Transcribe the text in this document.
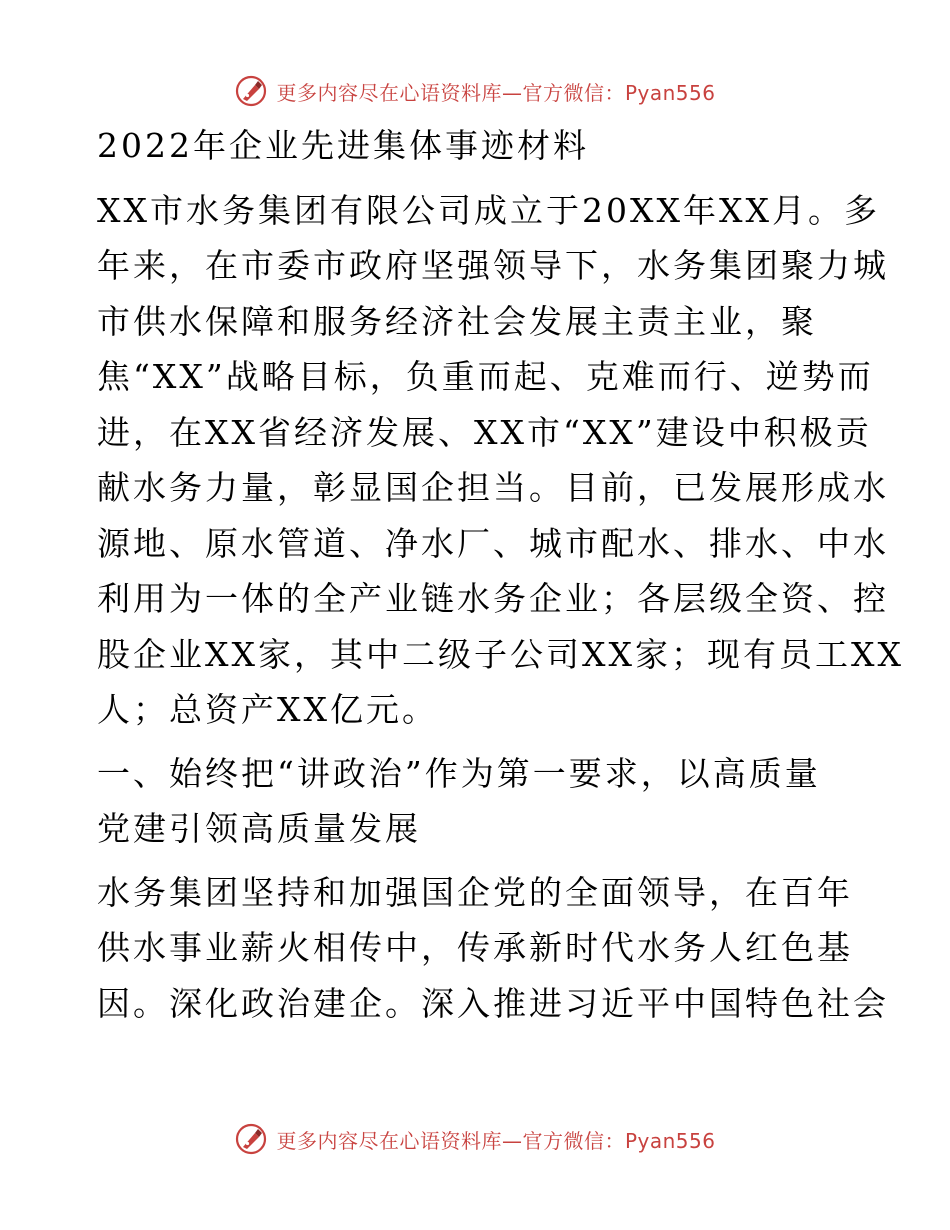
更多内容尽在心语资料库—官方微信：Pyan556
2022年企业先进集体事迹材料
XX市水务集团有限公司成立于20XX年XX月。多
年来，在市委市政府坚强领导下，水务集团聚力城
市供水保障和服务经济社会发展主责主业，聚
焦“XX”战略目标，负重而起、克难而行、逆势而
进，在XX省经济发展、XX市“XX”建设中积极贡
献水务力量，彰显国企担当。目前，已发展形成水
源地、原水管道、净水厂、城市配水、排水、中水
利用为一体的全产业链水务企业；各层级全资、控
股企业XX家，其中二级子公司XX家；现有员工XX
人；总资产XX亿元。
一、始终把“讲政治”作为第一要求，以高质量
党建引领高质量发展
水务集团坚持和加强国企党的全面领导，在百年
供水事业薪火相传中，传承新时代水务人红色基
因。深化政治建企。深入推进习近平中国特色社会
更多内容尽在心语资料库—官方微信：Pyan556
